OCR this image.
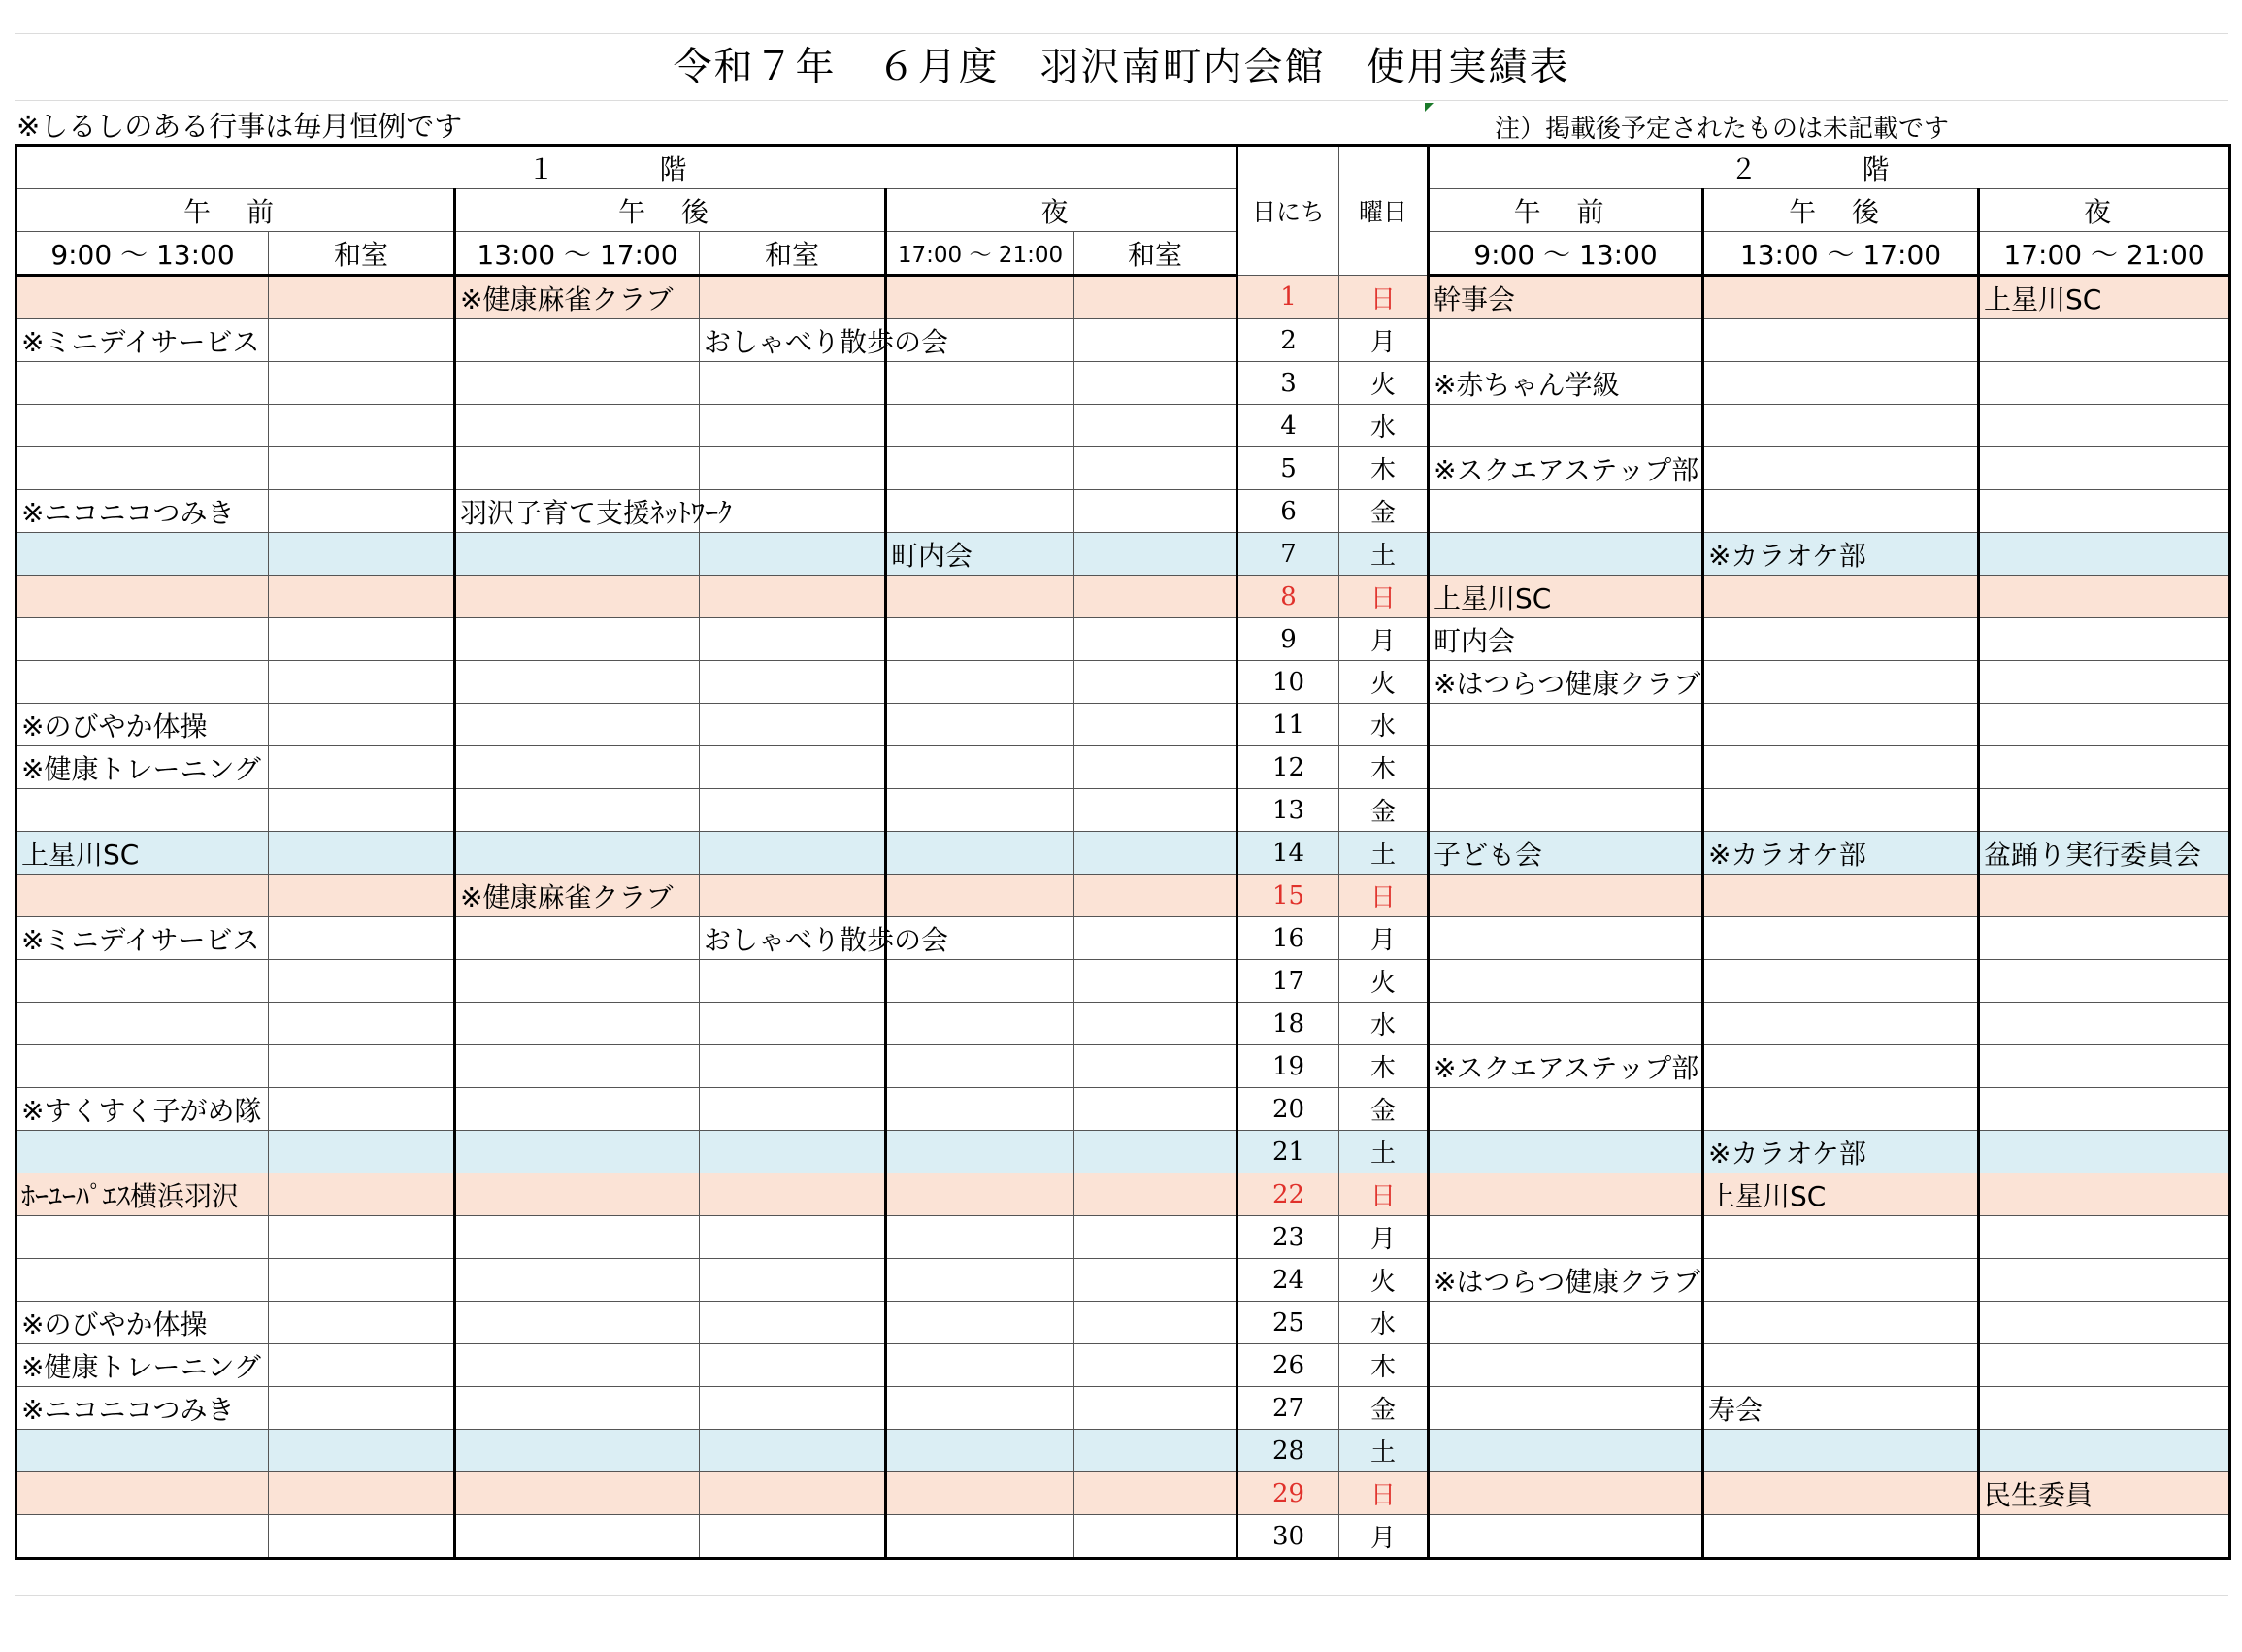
令和７年　６月度　羽沢南町内会館　使用実績表
※しるしのある行事は毎月恒例です	注）掲載後予定されたものは未記載です
１　階						日にち	曜日	２　階		
午 前		午 後		夜				午 前	午 後	夜
9:00 ～ 13:00	和室	13:00 ～ 17:00	和室	17:00 ～ 21:00	和室			9:00 ～ 13:00	13:00 ～ 17:00	17:00 ～ 21:00
		※健康麻雀クラブ				1	日	幹事会		上星川SC
※ミニデイサービス			おしゃべり散歩の会			2	月			
						3	火	※赤ちゃん学級		
						4	水			
						5	木	※スクエアステップ部		
※ニコニコつみき		羽沢子育て支援ﾈｯﾄﾜｰｸ				6	金			
				町内会		7	土		※カラオケ部	
						8	日	上星川SC		
						9	月	町内会		
						10	火	※はつらつ健康クラブ		
※のびやか体操						11	水			
※健康トレーニング						12	木			
						13	金			
上星川SC						14	土	子ども会	※カラオケ部	盆踊り実行委員会
		※健康麻雀クラブ				15	日			
※ミニデイサービス			おしゃべり散歩の会			16	月			
						17	火			
						18	水			
						19	木	※スクエアステップ部		
※すくすく子がめ隊						20	金			
						21	土		※カラオケ部	
ﾎｰﾕｰﾊﾟｴｽ横浜羽沢						22	日		上星川SC	
						23	月			
						24	火	※はつらつ健康クラブ		
※のびやか体操						25	水			
※健康トレーニング						26	木			
※ニコニコつみき						27	金		寿会	
						28	土			
						29	日			民生委員
						30	月			
